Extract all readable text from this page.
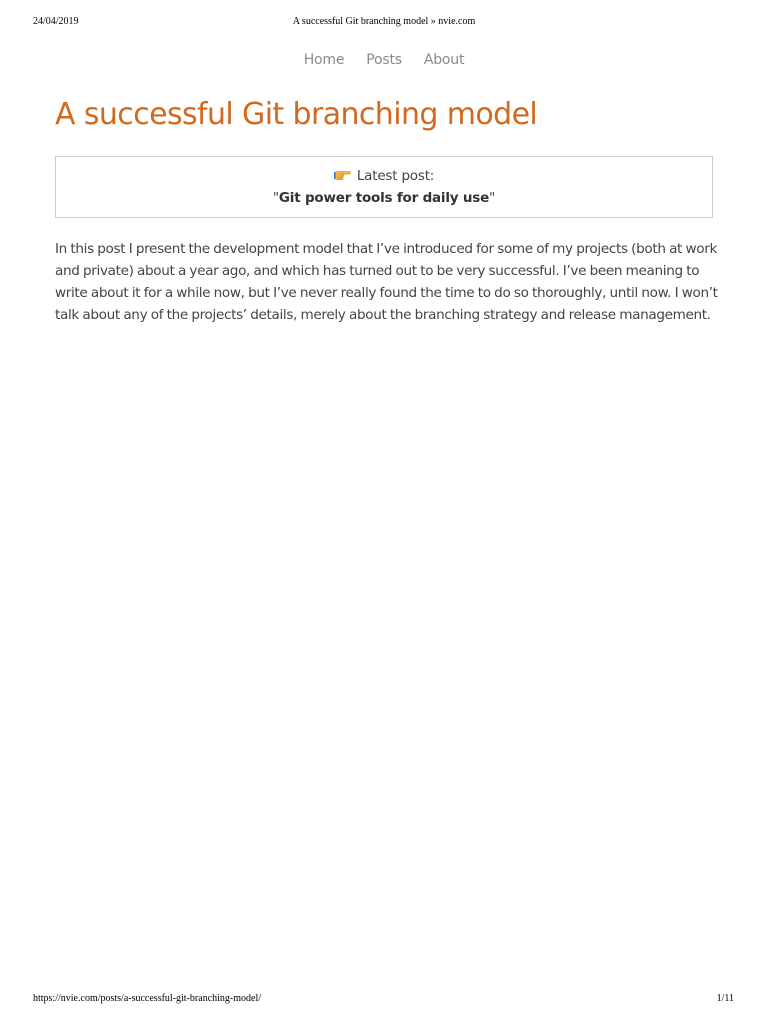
24/04/2019	A successful Git branching model » nvie.com
Home	Posts	About
A successful Git branching model
Latest post:
"Git power tools for daily use"

In this post I present the development model that I’ve introduced for some of my projects (both at work and private) about a year ago, and which has turned out to be very successful. I’ve been meaning to write about it for a while now, but I’ve never really found the time to do so thoroughly, until now. I won’t talk about any of the projects’ details, merely about the branching strategy and release management.

https://nvie.com/posts/a-successful-git-branching-model/	1/11
